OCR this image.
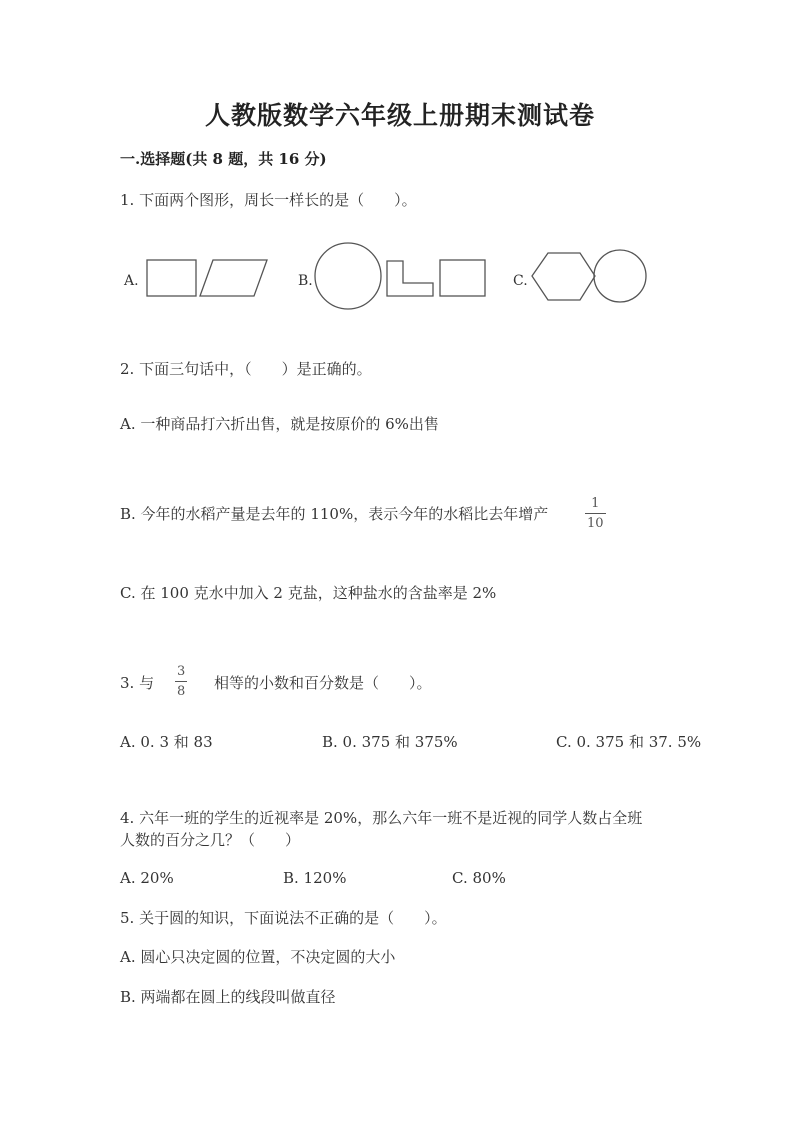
人教版数学六年级上册期末测试卷
一.选择题(共 8 题，共 16 分)
1. 下面两个图形，周长一样长的是（　　）。
A.	B.	C.
2. 下面三句话中，（　　）是正确的。
A. 一种商品打六折出售，就是按原价的 6%出售
B. 今年的水稻产量是去年的 110%，表示今年的水稻比去年增产
1
10
C. 在 100 克水中加入 2 克盐，这种盐水的含盐率是 2%
3. 与
3
8 相等的小数和百分数是（　　）。
A. 0. 3 和 83	B. 0. 375 和 375%	C. 0. 375 和 37. 5%
4. 六年一班的学生的近视率是 20%，那么六年一班不是近视的同学人数占全班
人数的百分之几？（　　）
A. 20%	B. 120%	C. 80%
5. 关于圆的知识，下面说法不正确的是（　　）。
A. 圆心只决定圆的位置，不决定圆的大小
B. 两端都在圆上的线段叫做直径
